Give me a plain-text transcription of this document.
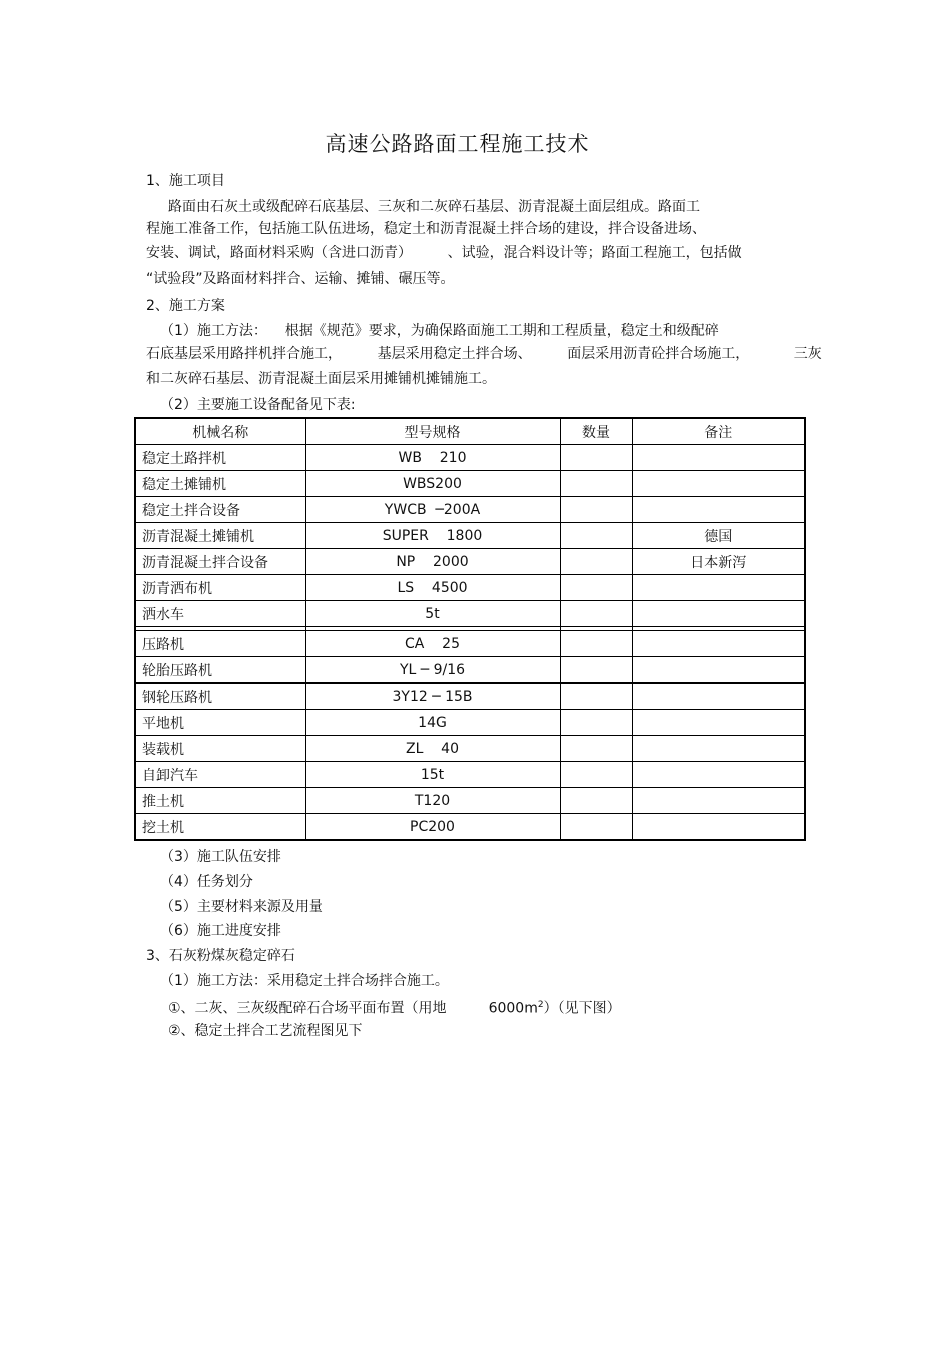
高速公路路面工程施工技术
1、施工项目
路面由石灰土或级配碎石底基层、三灰和二灰碎石基层、沥青混凝土面层组成。路面工
程施工准备工作，包括施工队伍进场，稳定土和沥青混凝土拌合场的建设，拌合设备进场、
安装、调试，路面材料采购（含进口沥青）        、试验，混合料设计等；路面工程施工，包括做
“试验段”及路面材料拌合、运输、摊铺、碾压等。
2、施工方案
（1）施工方法：    根据《规范》要求，为确保路面施工工期和工程质量，稳定土和级配碎
石底基层采用路拌机拌合施工，        基层采用稳定土拌合场、        面层采用沥青砼拌合场施工，          三灰
和二灰碎石基层、沥青混凝土面层采用摊铺机摊铺施工。
（2）主要施工设备配备见下表:
机械名称	型号规格	数量	备注
稳定土路拌机	WB    210		
稳定土摊铺机	WBS200		
稳定土拌合设备	YWCB  ─200A		
沥青混凝土摊铺机	SUPER    1800		德国
沥青混凝土拌合设备	NP    2000		日本新泻
沥青洒布机	LS    4500		
洒水车	5t		

压路机	CA    25		
轮胎压路机	YL ─ 9/16		
钢轮压路机	3Y12 ─ 15B		
平地机	14G		
装载机	ZL    40		
自卸汽车	15t		
推土机	T120		
挖土机	PC200		
（3）施工队伍安排
（4）任务划分
（5）主要材料来源及用量
（6）施工进度安排
3、石灰粉煤灰稳定碎石
（1）施工方法：采用稳定土拌合场拌合施工。
①、二灰、三灰级配碎石合场平面布置（用地	$6000m^2$）（见下图）
②、稳定土拌合工艺流程图见下
